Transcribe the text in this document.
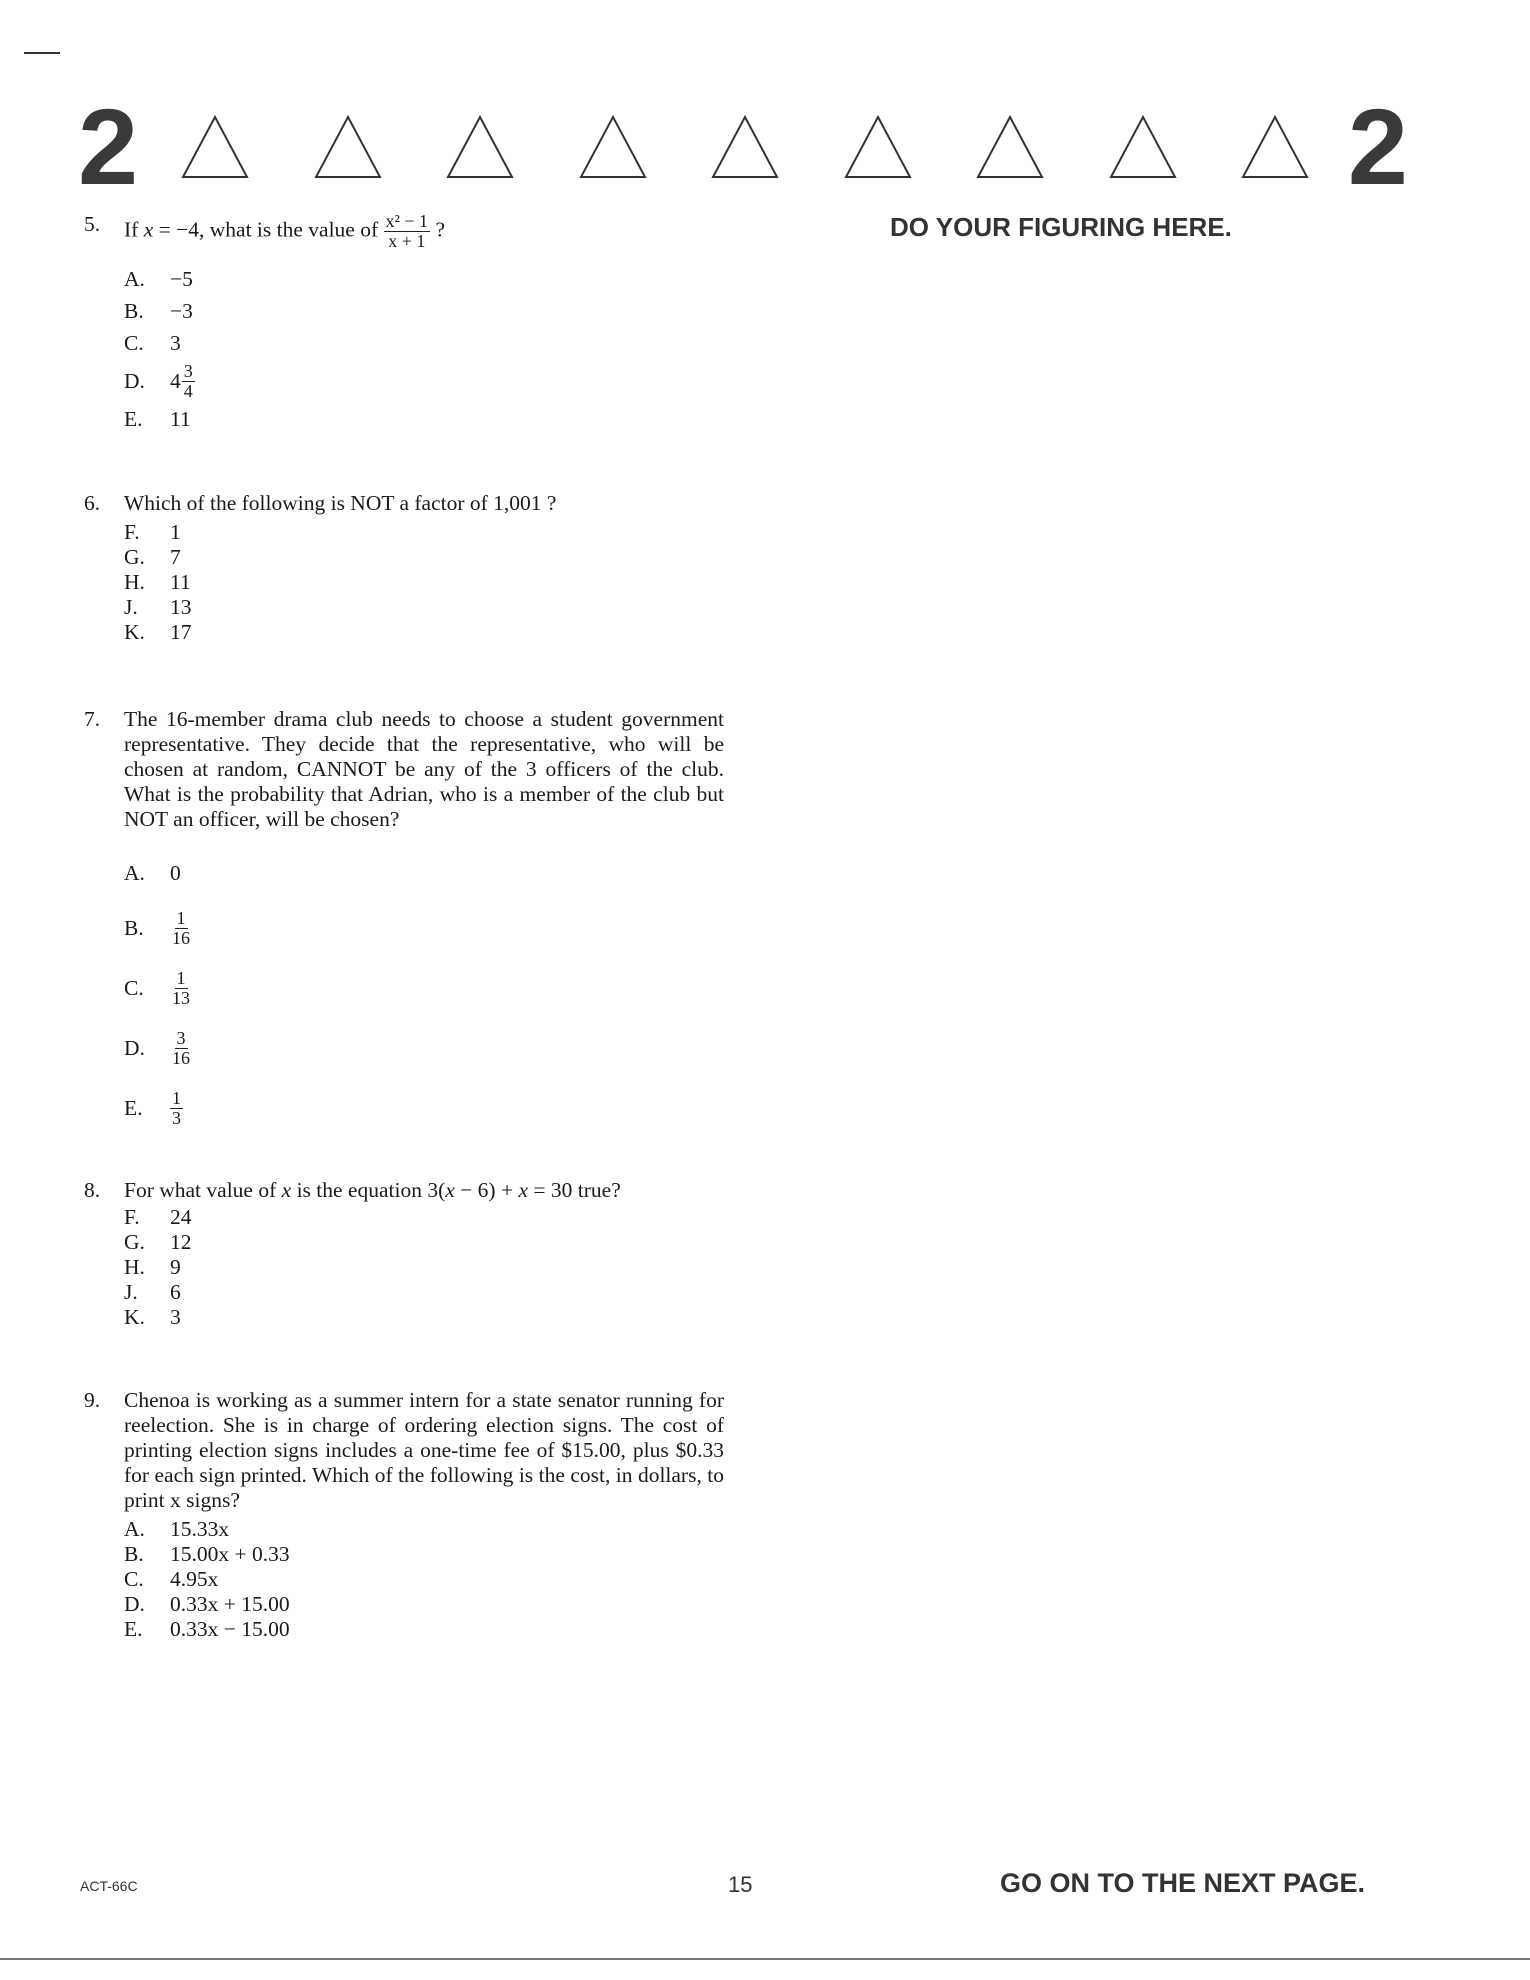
2	2
DO YOUR FIGURING HERE.
5.	If x = −4, what is the value of $\frac{\text{x² − 1}}{x + 1}$ ?
A.	−5
B.	−3
C.	3
D.	$4 \frac{3}{4}$
E.	11
6.	Which of the following is NOT a factor of 1,001 ?
F.	1
G.	7
H.	11
J.	13
K.	17
7.	The 16-member drama club needs to choose a student government representative. They decide that the representative, who will be chosen at random, CANNOT be any of the 3 officers of the club. What is the probability that Adrian, who is a member of the club but NOT an officer, will be chosen?
A.	0
B.	$\frac{1}{16}$
C.	$\frac{1}{13}$
D.	$\frac{3}{16}$
E.	$\frac{1}{3}$
8.	For what value of x is the equation 3(x − 6) + x = 30 true?
F.	24
G.	12
H.	9
J.	6
K.	3
9.	Chenoa is working as a summer intern for a state senator running for reelection. She is in charge of ordering election signs. The cost of printing election signs includes a one-time fee of $15.00, plus $0.33 for each sign printed. Which of the following is the cost, in dollars, to print x signs?
A.	15.33x
B.	15.00x + 0.33
C.	4.95x
D.	0.33x + 15.00
E.	0.33x − 15.00
ACT-66C	15	GO ON TO THE NEXT PAGE.
